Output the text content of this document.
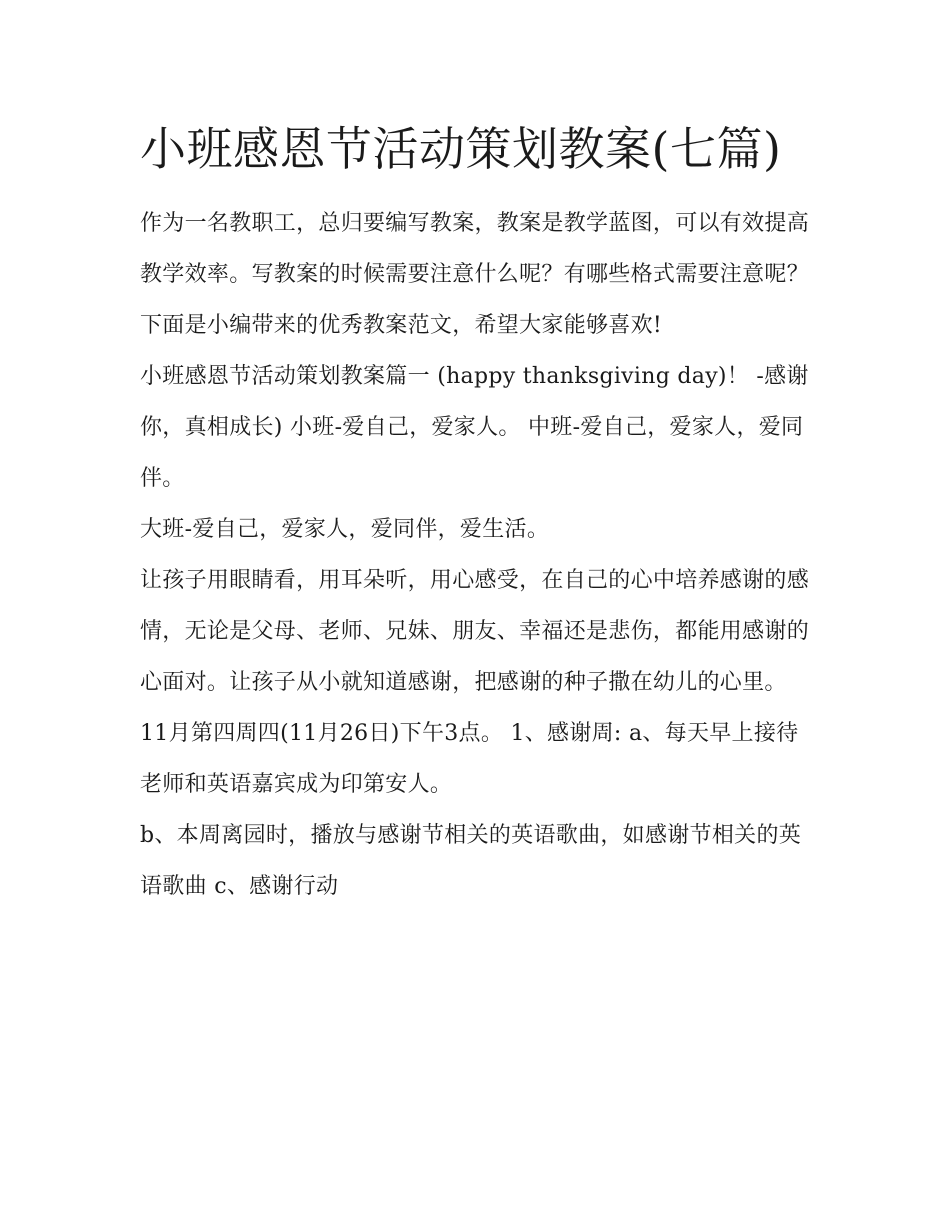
小班感恩节活动策划教案(七篇)

作为一名教职工，总归要编写教案，教案是教学蓝图，可以有效提高教学效率。写教案的时候需要注意什么呢？有哪些格式需要注意呢？下面是小编带来的优秀教案范文，希望大家能够喜欢!

小班感恩节活动策划教案篇一 (happy thanksgiving day)！ -感谢你，真相成长) 小班-爱自己，爱家人。 中班-爱自己，爱家人，爱同伴。

大班-爱自己，爱家人，爱同伴，爱生活。

让孩子用眼睛看，用耳朵听，用心感受，在自己的心中培养感谢的感情，无论是父母、老师、兄妹、朋友、幸福还是悲伤，都能用感谢的心面对。让孩子从小就知道感谢，把感谢的种子撒在幼儿的心里。

11月第四周四(11月26日)下午3点。 1、感谢周: a、每天早上接待老师和英语嘉宾成为印第安人。

b、本周离园时，播放与感谢节相关的英语歌曲，如感谢节相关的英语歌曲 c、感谢行动
